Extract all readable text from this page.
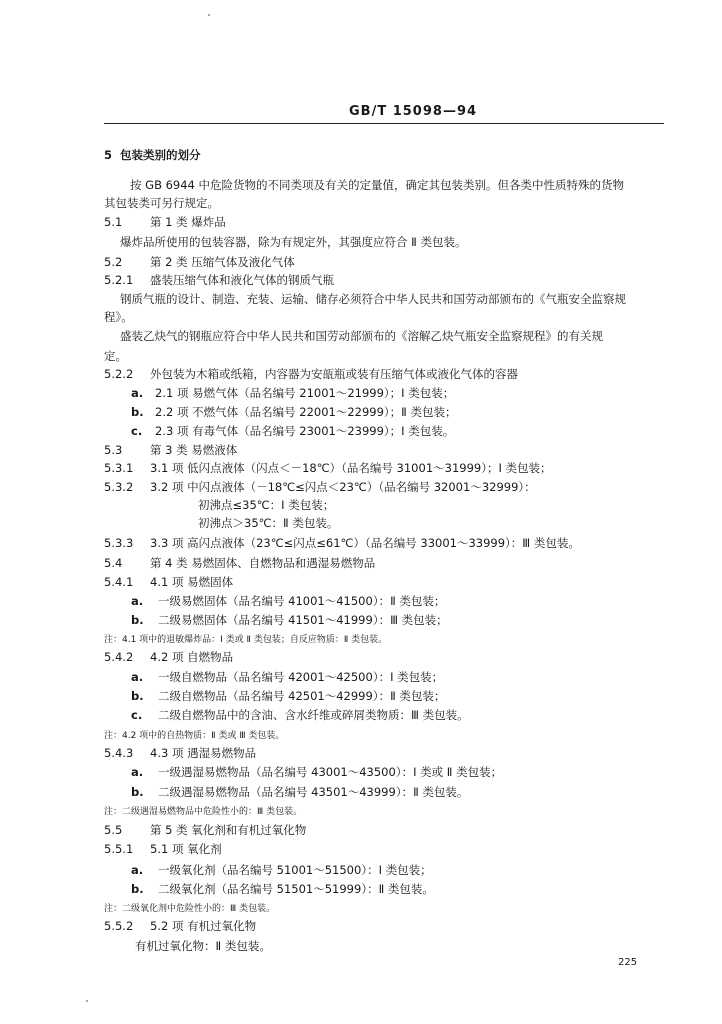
GB/T 15098—94
5 包装类别的划分
按 GB 6944 中危险货物的不同类项及有关的定量值，确定其包装类别。但各类中性质特殊的货物
其包装类可另行规定。
5.1 第 1 类 爆炸品
爆炸品所使用的包装容器，除为有规定外，其强度应符合 Ⅱ 类包装。
5.2 第 2 类 压缩气体及液化气体
5.2.1 盛装压缩气体和液化气体的钢质气瓶
钢质气瓶的设计、制造、充装、运输、储存必须符合中华人民共和国劳动部颁布的《气瓶安全监察规
程》。
盛装乙炔气的钢瓶应符合中华人民共和国劳动部颁布的《溶解乙炔气瓶安全监察规程》的有关规
定。
5.2.2 外包装为木箱或纸箱，内容器为安瓿瓶或装有压缩气体或液化气体的容器
a. 2.1 项 易燃气体（品名编号 21001～21999）；Ⅰ 类包装；
b. 2.2 项 不燃气体（品名编号 22001～22999）；Ⅱ 类包装；
c. 2.3 项 有毒气体（品名编号 23001～23999）；Ⅰ 类包装。
5.3 第 3 类 易燃液体
5.3.1 3.1 项 低闪点液体（闪点＜－18℃）（品名编号 31001～31999）；Ⅰ 类包装；
5.3.2 3.2 项 中闪点液体（－18℃≤闪点＜23℃）（品名编号 32001～32999）：
初沸点≤35℃：Ⅰ 类包装；
初沸点＞35℃：Ⅱ 类包装。
5.3.3 3.3 项 高闪点液体（23℃≤闪点≤61℃）（品名编号 33001～33999）：Ⅲ 类包装。
5.4 第 4 类 易燃固体、自燃物品和遇湿易燃物品
5.4.1 4.1 项 易燃固体
a. 一级易燃固体（品名编号 41001～41500）：Ⅱ 类包装；
b. 二级易燃固体（品名编号 41501～41999）：Ⅲ 类包装；
注：4.1 项中的退敏爆炸品：Ⅰ 类或 Ⅱ 类包装；自反应物质：Ⅱ 类包装。
5.4.2 4.2 项 自燃物品
a. 一级自燃物品（品名编号 42001～42500）：Ⅰ 类包装；
b. 二级自燃物品（品名编号 42501～42999）：Ⅱ 类包装；
c. 二级自燃物品中的含油、含水纤维或碎屑类物质：Ⅲ 类包装。
注：4.2 项中的自热物质：Ⅱ 类或 Ⅲ 类包装。
5.4.3 4.3 项 遇湿易燃物品
a. 一级遇湿易燃物品（品名编号 43001～43500）：Ⅰ 类或 Ⅱ 类包装；
b. 二级遇湿易燃物品（品名编号 43501～43999）：Ⅱ 类包装。
注：二级遇湿易燃物品中危险性小的：Ⅲ 类包装。
5.5 第 5 类 氧化剂和有机过氧化物
5.5.1 5.1 项 氧化剂
a. 一级氧化剂（品名编号 51001～51500）：Ⅰ 类包装；
b. 二级氧化剂（品名编号 51501～51999）：Ⅱ 类包装。
注：二级氧化剂中危险性小的：Ⅲ 类包装。
5.5.2 5.2 项 有机过氧化物
有机过氧化物：Ⅱ 类包装。
225
